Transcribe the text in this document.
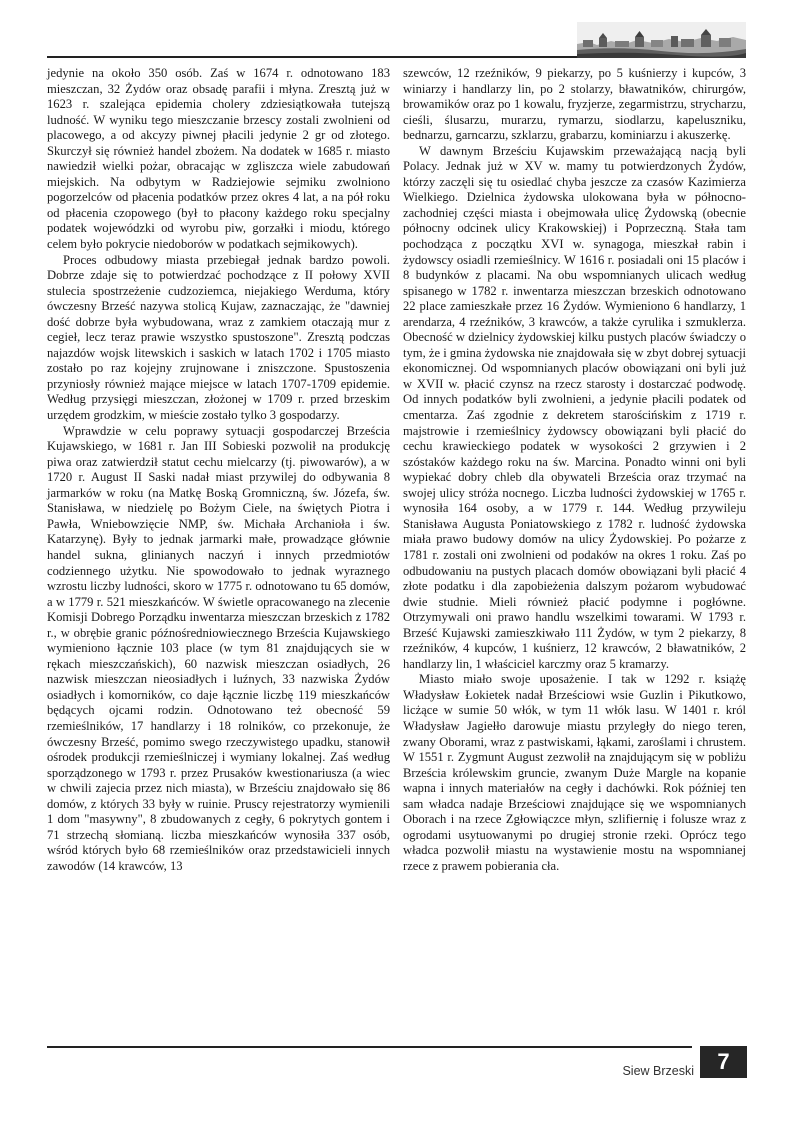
jedynie na około 350 osób. Zaś w 1674 r. odnotowano 183 mieszczan, 32 Żydów oraz obsadę parafii i młyna. Zresztą już w 1623 r. szalejąca epidemia cholery zdziesiątkowała tutejszą ludność. W wyniku tego mieszczanie brzescy zostali zwolnieni od placowego, a od akcyzy piwnej płacili jedynie 2 gr od złotego. Skurczył się również handel zbożem. Na dodatek w 1685 r. miasto nawiedził wielki pożar, obracając w zgliszcza wiele zabudowań miejskich. Na odbytym w Radziejowie sejmiku zwolniono pogorzelców od płacenia podatków przez okres 4 lat, a na pół roku od płacenia czopowego (był to płacony każdego roku specjalny podatek wojewódzki od wyrobu piw, gorzałki i miodu, którego celem było pokrycie niedoborów w podatkach sejmikowych).

Proces odbudowy miasta przebiegał jednak bardzo powoli. Dobrze zdaje się to potwierdzać pochodzące z II połowy XVII stulecia spostrzeżenie cudzoziemca, niejakiego Werduma, który ówczesny Brześć nazywa stolicą Kujaw, zaznaczając, że "dawniej dość dobrze była wybudowana, wraz z zamkiem otaczają mur z cegieł, lecz teraz prawie wszystko spustoszone". Zresztą podczas najazdów wojsk litewskich i saskich w latach 1702 i 1705 miasto zostało po raz kojejny zrujnowane i zniszczone. Spustoszenia przyniosły również mające miejsce w latach 1707-1709 epidemie. Według przysięgi mieszczan, złożonej w 1709 r. przed brzeskim urzędem grodzkim, w mieście zostało tylko 3 gospodarzy.

Wprawdzie w celu poprawy sytuacji gospodarczej Brześcia Kujawskiego, w 1681 r. Jan III Sobieski pozwolił na produkcję piwa oraz zatwierdził statut cechu mielcarzy (tj. piwowarów), a w 1720 r. August II Saski nadał miast przywilej do odbywania 8 jarmarków w roku (na Matkę Boską Gromniczną, św. Józefa, św. Stanisława, w niedzielę po Bożym Ciele, na świętych Piotra i Pawła, Wniebowzięcie NMP, św. Michała Archanioła i św. Katarzynę). Były to jednak jarmarki małe, prowadzące głównie handel sukna, glinianych naczyń i innych przedmiotów codziennego użytku. Nie spowodowało to jednak wyraznego wzrostu liczby ludności, skoro w 1775 r. odnotowano tu 65 domów, a w 1779 r. 521 mieszkańców. W świetle opracowanego na zlecenie Komisji Dobrego Porządku inwentarza mieszczan brzeskich z 1782 r., w obrębie granic późnośredniowiecznego Brześcia Kujawskiego wymieniono łącznie 103 place (w tym 81 znajdujących sie w rękach mieszczańskich), 60 nazwisk mieszczan osiadłych, 26 nazwisk mieszczan nieosiadłych i luźnych, 33 nazwiska Żydów osiadłych i komorników, co daje łącznie liczbę 119 mieszkańców będących ojcami rodzin. Odnotowano też obecność 59 rzemieślników, 17 handlarzy i 18 rolników, co przekonuje, że ówczesny Brześć, pomimo swego rzeczywistego upadku, stanowił ośrodek produkcji rzemieślniczej i wymiany lokalnej. Zaś według sporządzonego w 1793 r. przez Prusaków kwestionariusza (a wiec w chwili zajecia przez nich miasta), w Brześciu znajdowało się 86 domów, z których 33 były w ruinie. Pruscy rejestratorzy wymienili 1 dom "masywny", 8 zbudowanych z cegły, 6 pokrytych gontem i 71 strzechą słomianą. liczba mieszkańców wynosiła 337 osób, wśród których było 68 rzemieślników oraz przedstawicieli innych zawodów (14 krawców, 13

szewców, 12 rzeźników, 9 piekarzy, po 5 kuśnierzy i kupców, 3 winiarzy i handlarzy lin, po 2 stolarzy, bławatników, chirurgów, browamików oraz po 1 kowalu, fryzjerze, zegarmistrzu, strycharzu, cieśli, ślusarzu, murarzu, rymarzu, siodlarzu, kapeluszniku, bednarzu, garncarzu, szklarzu, grabarzu, kominiarzu i akuszerkę.

W dawnym Brześciu Kujawskim przeważającą nacją byli Polacy. Jednak już w XV w. mamy tu potwierdzonych Żydów, którzy zaczęli się tu osiedlać chyba jeszcze za czasów Kazimierza Wielkiego. Dzielnica żydowska ulokowana była w północno-zachodniej części miasta i obejmowała ulicę Żydowską (obecnie północny odcinek ulicy Krakowskiej) i Poprzeczną. Stała tam pochodząca z początku XVI w. synagoga, mieszkał rabin i żydowscy osiadli rzemieślnicy. W 1616 r. posiadali oni 15 placów i 8 budynków z placami. Na obu wspomnianych ulicach według spisanego w 1782 r. inwentarza mieszczan brzeskich odnotowano 22 place zamieszkałe przez 16 Żydów. Wymieniono 6 handlarzy, 1 arendarza, 4 rzeźników, 3 krawców, a także cyrulika i szmuklerza. Obecność w dzielnicy żydowskiej kilku pustych placów świadczy o tym, że i gmina żydowska nie znajdowała się w zbyt dobrej sytuacji ekonomicznej. Od wspomnianych placów obowiązani oni byli już w XVII w. płacić czynsz na rzecz starosty i dostarczać podwodę. Od innych podatków byli zwolnieni, a jedynie płacili podatek od cmentarza. Zaś zgodnie z dekretem starościńskim z 1719 r. majstrowie i rzemieślnicy żydowscy obowiązani byli płacić do cechu krawieckiego podatek w wysokości 2 grzywien i 2 szóstaków każdego roku na św. Marcina. Ponadto winni oni byli wypiekać dobry chleb dla obywateli Brześcia oraz trzymać na swojej ulicy stróża nocnego. Liczba ludności żydowskiej w 1765 r. wynosiła 164 osoby, a w 1779 r. 144. Według przywileju Stanisława Augusta Poniatowskiego z 1782 r. ludność żydowska miała prawo budowy domów na ulicy Żydowskiej. Po pożarze z 1781 r. zostali oni zwolnieni od podaków na okres 1 roku. Zaś po odbudowaniu na pustych placach domów obowiązani byli płacić 4 złote podatku i dla zapobieżenia dalszym pożarom wybudować dwie studnie. Mieli również płacić podymne i pogłówne. Otrzymywali oni prawo handlu wszelkimi towarami. W 1793 r. Brześć Kujawski zamieszkiwało 111 Żydów, w tym 2 piekarzy, 8 rzeźników, 4 kupców, 1 kuśnierz, 12 krawców, 2 bławatników, 2 handlarzy lin, 1 właściciel karczmy oraz 5 kramarzy.

Miasto miało swoje uposażenie. I tak w 1292 r. książę Władysław Łokietek nadał Brześciowi wsie Guzlin i Pikutkowo, licżące w sumie 50 włók, w tym 11 włók lasu. W 1401 r. król Władysław Jagiełło darowuje miastu przyległy do niego teren, zwany Oborami, wraz z pastwiskami, łąkami, zaroślami i chrustem. W 1551 r. Zygmunt August zezwolił na znajdującym się w pobliżu Brześcia królewskim gruncie, zwanym Duże Margle na kopanie wapna i innych materiałów na cegły i dachówki. Rok później ten sam władca nadaje Brześciowi znajdujące się we wspomnianych Oborach i na rzece Zgłowiączce młyn, szlifiernię i folusze wraz z ogrodami usytuowanymi po drugiej stronie rzeki. Oprócz tego władca pozwolił miastu na wystawienie mostu na wspomnianej rzece z prawem pobierania cła.

Siew Brzeski	7
